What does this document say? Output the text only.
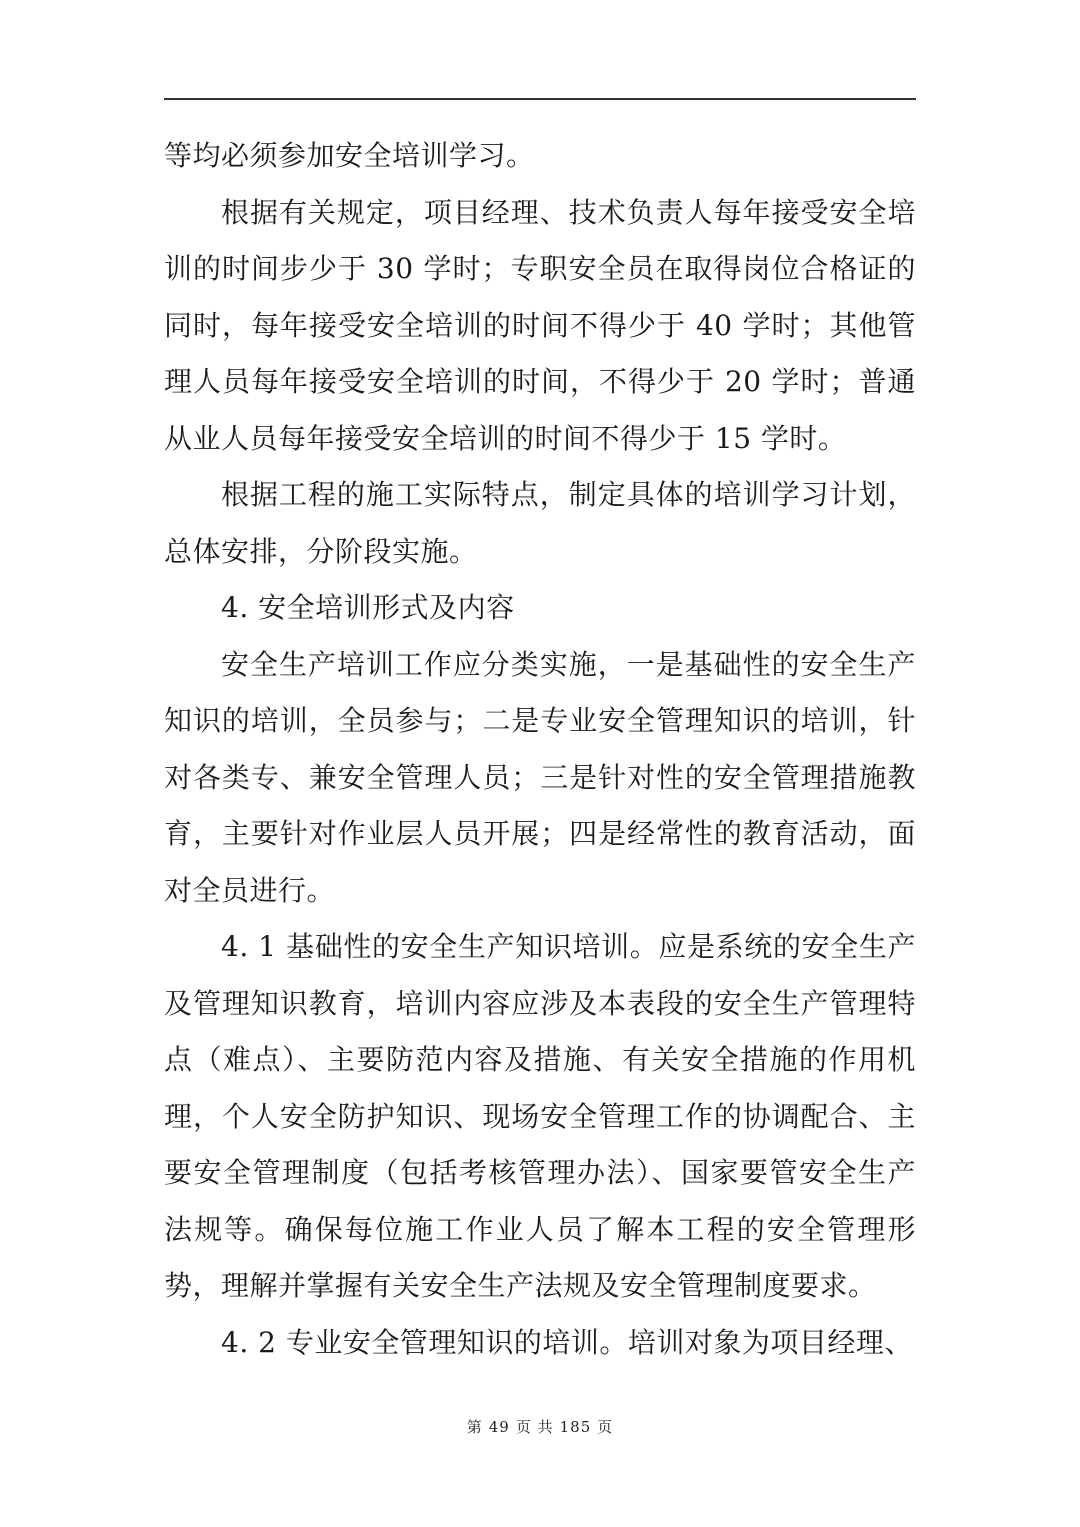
等均必须参加安全培训学习。

根据有关规定，项目经理、技术负责人每年接受安全培训的时间步少于 30 学时；专职安全员在取得岗位合格证的同时，每年接受安全培训的时间不得少于 40 学时；其他管理人员每年接受安全培训的时间，不得少于 20 学时；普通从业人员每年接受安全培训的时间不得少于 15 学时。

根据工程的施工实际特点，制定具体的培训学习计划，总体安排，分阶段实施。

4. 安全培训形式及内容

安全生产培训工作应分类实施，一是基础性的安全生产知识的培训，全员参与；二是专业安全管理知识的培训，针对各类专、兼安全管理人员；三是针对性的安全管理措施教育，主要针对作业层人员开展；四是经常性的教育活动，面对全员进行。

4. 1 基础性的安全生产知识培训。应是系统的安全生产及管理知识教育，培训内容应涉及本表段的安全生产管理特点（难点）、主要防范内容及措施、有关安全措施的作用机理，个人安全防护知识、现场安全管理工作的协调配合、主要安全管理制度（包括考核管理办法）、国家要管安全生产法规等。确保每位施工作业人员了解本工程的安全管理形势，理解并掌握有关安全生产法规及安全管理制度要求。

4. 2 专业安全管理知识的培训。培训对象为项目经理、

第 49 页 共 185 页
